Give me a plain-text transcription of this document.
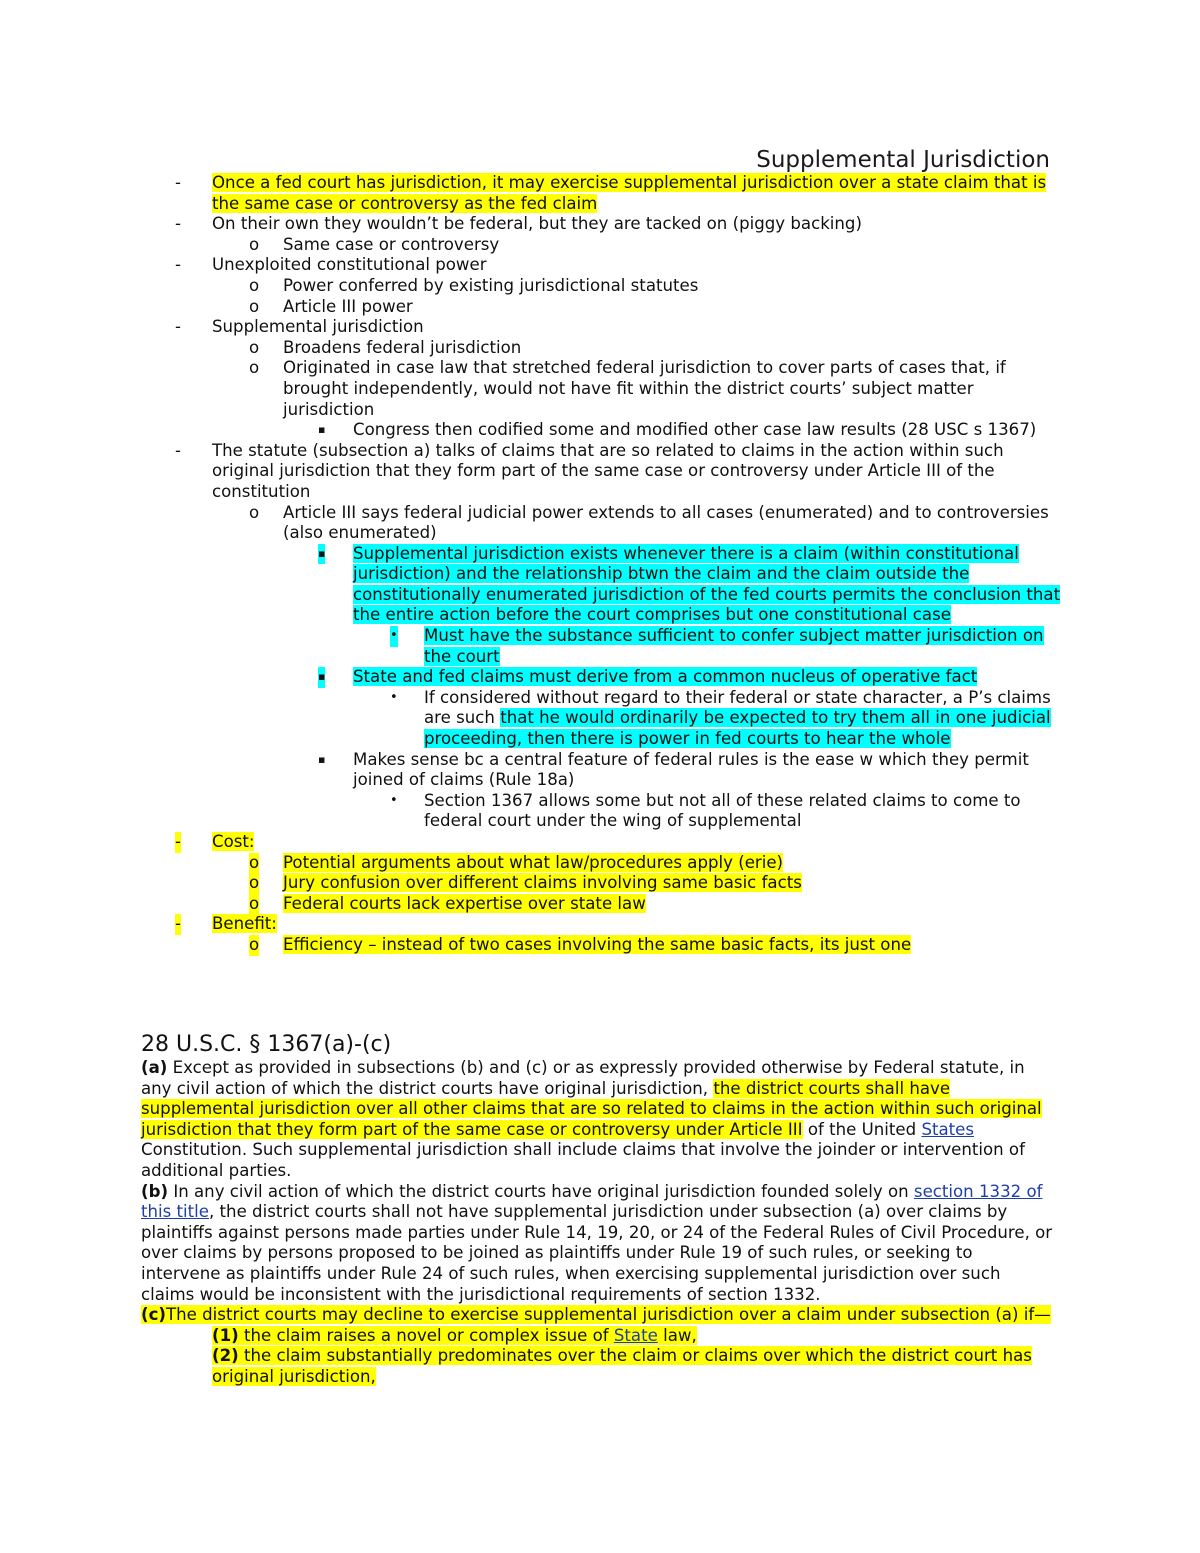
Supplemental Jurisdiction
- Once a fed court has jurisdiction, it may exercise supplemental jurisdiction over a state claim that is the same case or controversy as the fed claim
- On their own they wouldn’t be federal, but they are tacked on (piggy backing)
o Same case or controversy
- Unexploited constitutional power
o Power conferred by existing jurisdictional statutes
o Article III power
- Supplemental jurisdiction
o Broadens federal jurisdiction
o Originated in case law that stretched federal jurisdiction to cover parts of cases that, if brought independently, would not have fit within the district courts’ subject matter jurisdiction
▪ Congress then codified some and modified other case law results (28 USC s 1367)
- The statute (subsection a) talks of claims that are so related to claims in the action within such original jurisdiction that they form part of the same case or controversy under Article III of the constitution
o Article III says federal judicial power extends to all cases (enumerated) and to controversies (also enumerated)
▪ Supplemental jurisdiction exists whenever there is a claim (within constitutional jurisdiction) and the relationship btwn the claim and the claim outside the constitutionally enumerated jurisdiction of the fed courts permits the conclusion that the entire action before the court comprises but one constitutional case
• Must have the substance sufficient to confer subject matter jurisdiction on the court
▪ State and fed claims must derive from a common nucleus of operative fact
• If considered without regard to their federal or state character, a P’s claims are such that he would ordinarily be expected to try them all in one judicial proceeding, then there is power in fed courts to hear the whole
▪ Makes sense bc a central feature of federal rules is the ease w which they permit joined of claims (Rule 18a)
• Section 1367 allows some but not all of these related claims to come to federal court under the wing of supplemental
- Cost:
o Potential arguments about what law/procedures apply (erie)
o Jury confusion over different claims involving same basic facts
o Federal courts lack expertise over state law
- Benefit:
o Efficiency – instead of two cases involving the same basic facts, its just one
28 U.S.C. § 1367(a)-(c)
(a) Except as provided in subsections (b) and (c) or as expressly provided otherwise by Federal statute, in any civil action of which the district courts have original jurisdiction, the district courts shall have supplemental jurisdiction over all other claims that are so related to claims in the action within such original jurisdiction that they form part of the same case or controversy under Article III of the United States Constitution. Such supplemental jurisdiction shall include claims that involve the joinder or intervention of additional parties.
(b) In any civil action of which the district courts have original jurisdiction founded solely on section 1332 of this title, the district courts shall not have supplemental jurisdiction under subsection (a) over claims by plaintiffs against persons made parties under Rule 14, 19, 20, or 24 of the Federal Rules of Civil Procedure, or over claims by persons proposed to be joined as plaintiffs under Rule 19 of such rules, or seeking to intervene as plaintiffs under Rule 24 of such rules, when exercising supplemental jurisdiction over such claims would be inconsistent with the jurisdictional requirements of section 1332.
(c)The district courts may decline to exercise supplemental jurisdiction over a claim under subsection (a) if—
(1) the claim raises a novel or complex issue of State law,
(2) the claim substantially predominates over the claim or claims over which the district court has original jurisdiction,
